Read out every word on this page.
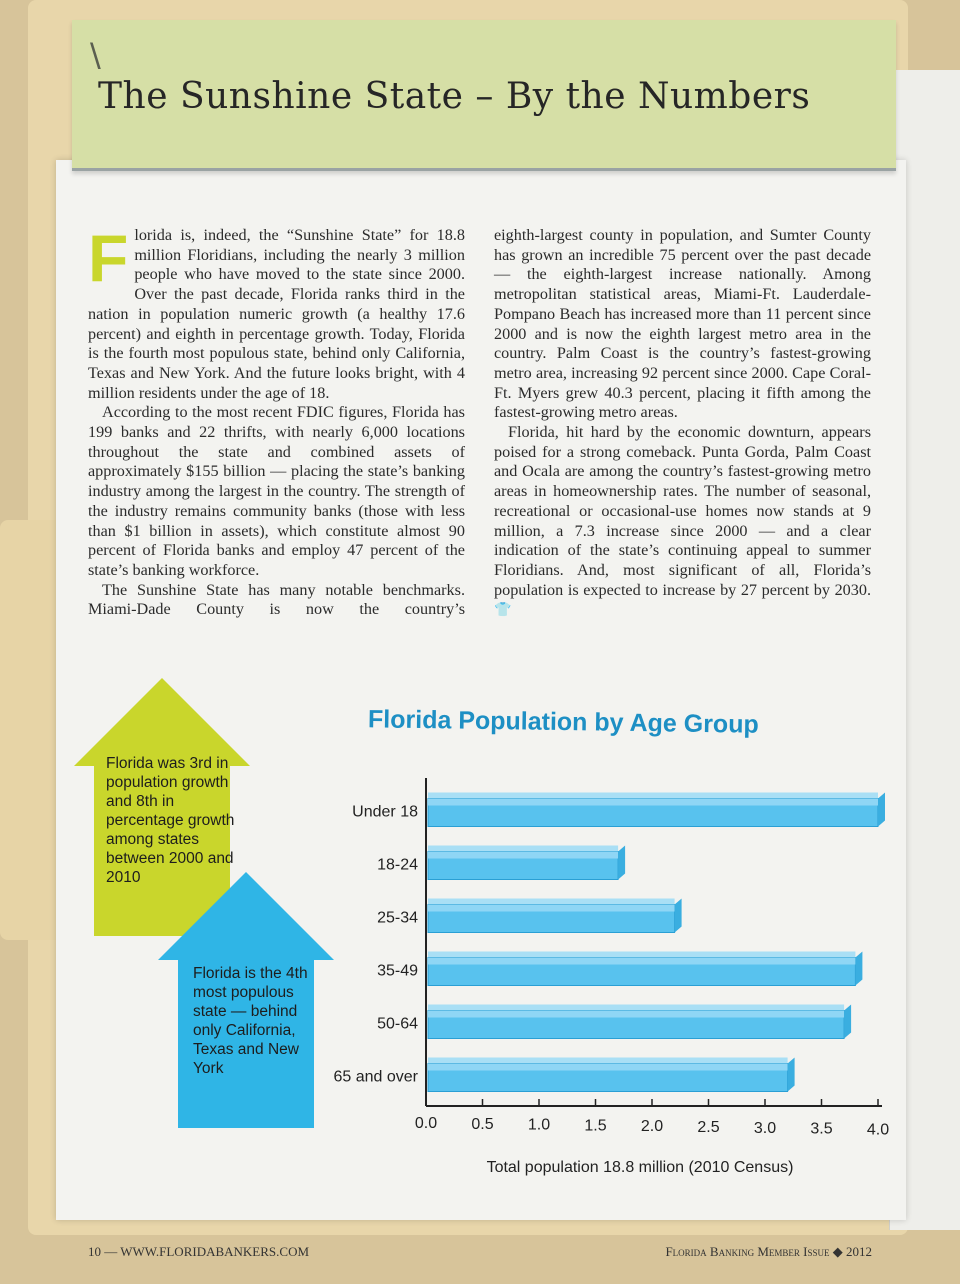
\
The Sunshine State – By the Numbers

Florida is, indeed, the “Sunshine State” for 18.8 million Floridians, including the nearly 3 million people who have moved to the state since 2000. Over the past decade, Florida ranks third in the nation in population numeric growth (a healthy 17.6 percent) and eighth in percentage growth. Today, Florida is the fourth most populous state, behind only California, Texas and New York. And the future looks bright, with 4 million residents under the age of 18.

According to the most recent FDIC figures, Florida has 199 banks and 22 thrifts, with nearly 6,000 locations throughout the state and combined assets of approximately $155 billion — placing the state’s banking industry among the largest in the country. The strength of the industry remains community banks (those with less than $1 billion in assets), which constitute almost 90 percent of Florida banks and employ 47 percent of the state’s banking workforce.

The Sunshine State has many notable benchmarks. Miami-Dade County is now the country’s

eighth-largest county in population, and Sumter County has grown an incredible 75 percent over the past decade — the eighth-largest increase nationally. Among metropolitan statistical areas, Miami-Ft. Lauderdale-Pompano Beach has increased more than 11 percent since 2000 and is now the eighth largest metro area in the country. Palm Coast is the country’s fastest-growing metro area, increasing 92 percent since 2000. Cape Coral-Ft. Myers grew 40.3 percent, placing it fifth among the fastest-growing metro areas.

Florida, hit hard by the economic downturn, appears poised for a strong comeback. Punta Gorda, Palm Coast and Ocala are among the country’s fastest-growing metro areas in homeownership rates. The number of seasonal, recreational or occasional-use homes now stands at 9 million, a 7.3 increase since 2000 — and a clear indication of the state’s continuing appeal to summer Floridians. And, most significant of all, Florida’s population is expected to increase by 27 percent by 2030. 👕

Florida was 3rd in population growth and 8th in percentage growth among states between 2000 and 2010
Florida is the 4th most populous state — behind only California, Texas and New York
Florida Population by Age Group
Under 18
18-24
25-34
35-49
50-64
65 and over
0.0 0.5 1.0 1.5 2.0 2.5 3.0 3.5 4.0
Total population 18.8 million (2010 Census)
10 — WWW.FLORIDABANKERS.COM	Florida Banking Member Issue ◆ 2012
